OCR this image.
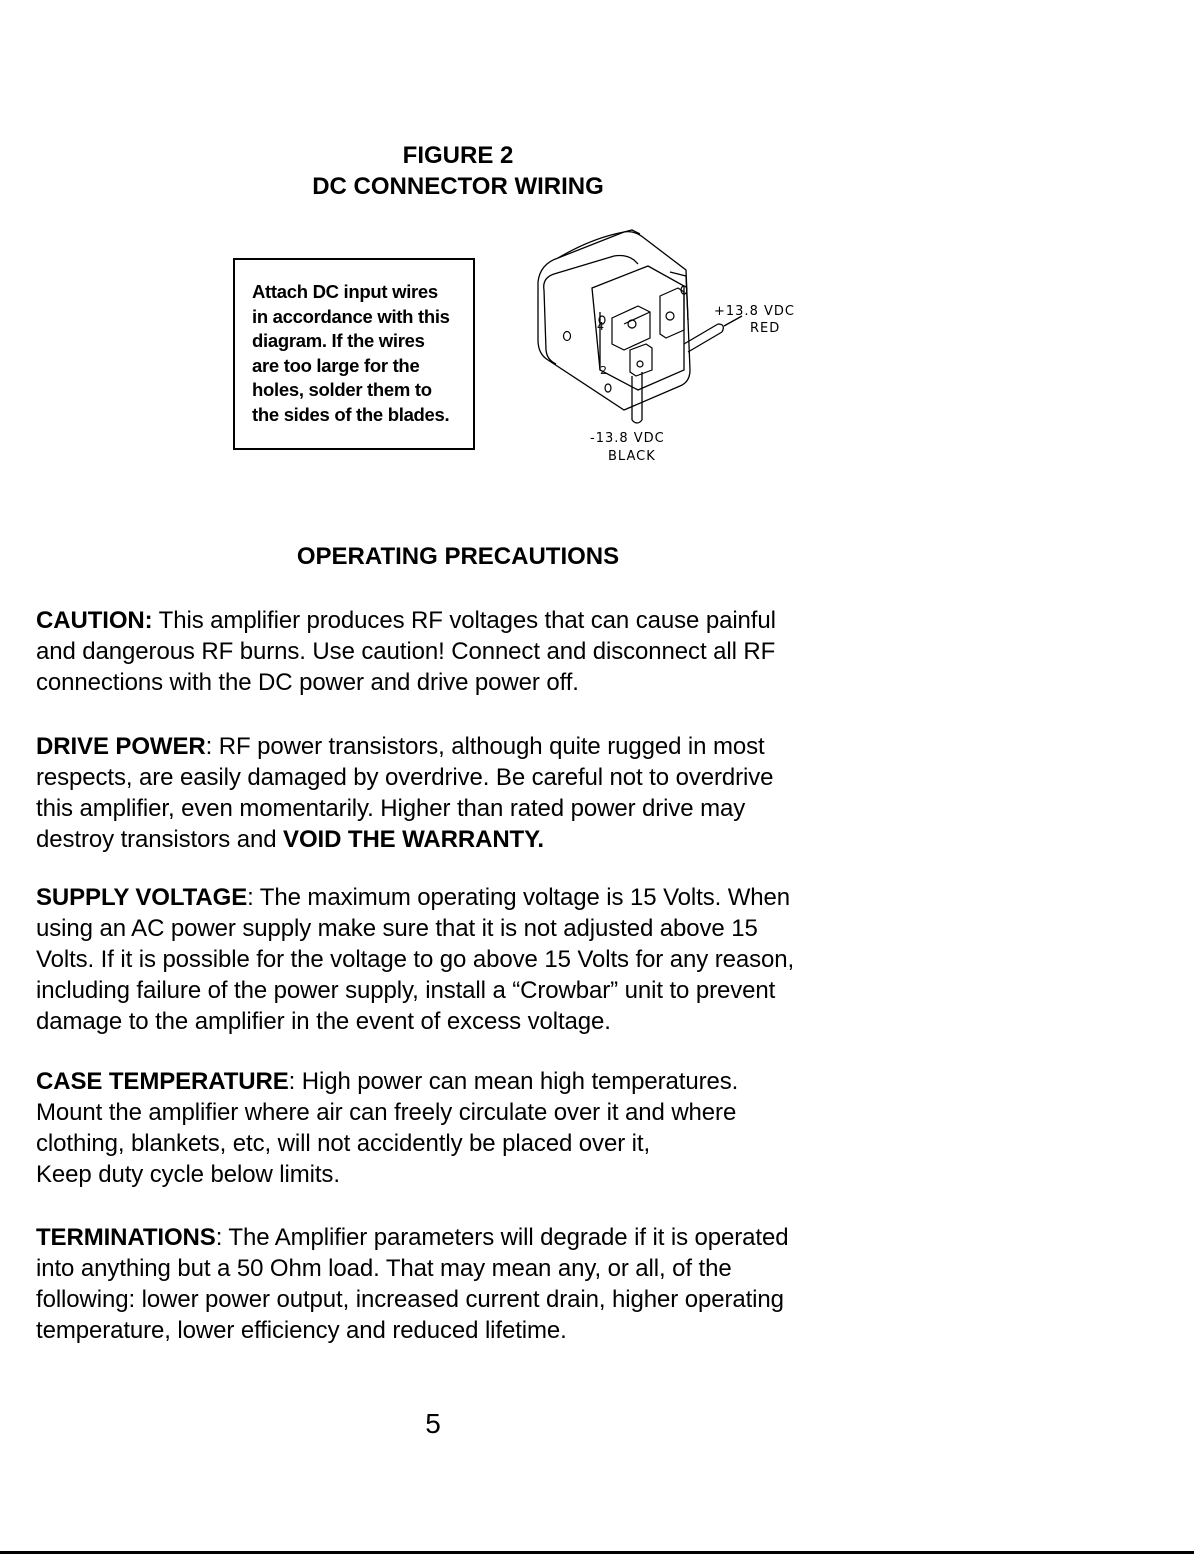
FIGURE 2
DC CONNECTOR WIRING
Attach DC input wires
in accordance with this
diagram. If the wires
are too large for the
holes, solder them to
the sides of the blades.
+13.8 VDC
RED
-13.8 VDC
BLACK
4
2
OPERATING PRECAUTIONS
CAUTION: This amplifier produces RF voltages that can cause painful
and dangerous RF burns. Use caution! Connect and disconnect all RF
connections with the DC power and drive power off.
DRIVE POWER: RF power transistors, although quite rugged in most
respects, are easily damaged by overdrive. Be careful not to overdrive
this amplifier, even momentarily. Higher than rated power drive may
destroy transistors and VOID THE WARRANTY.
SUPPLY VOLTAGE: The maximum operating voltage is 15 Volts. When
using an AC power supply make sure that it is not adjusted above 15
Volts. If it is possible for the voltage to go above 15 Volts for any reason,
including failure of the power supply, install a “Crowbar” unit to prevent
damage to the amplifier in the event of excess voltage.
CASE TEMPERATURE: High power can mean high temperatures.
Mount the amplifier where air can freely circulate over it and where
clothing, blankets, etc, will not accidently be placed over it,
Keep duty cycle below limits.
TERMINATIONS: The Amplifier parameters will degrade if it is operated
into anything but a 50 Ohm load. That may mean any, or all, of the
following: lower power output, increased current drain, higher operating
temperature, lower efficiency and reduced lifetime.
5
